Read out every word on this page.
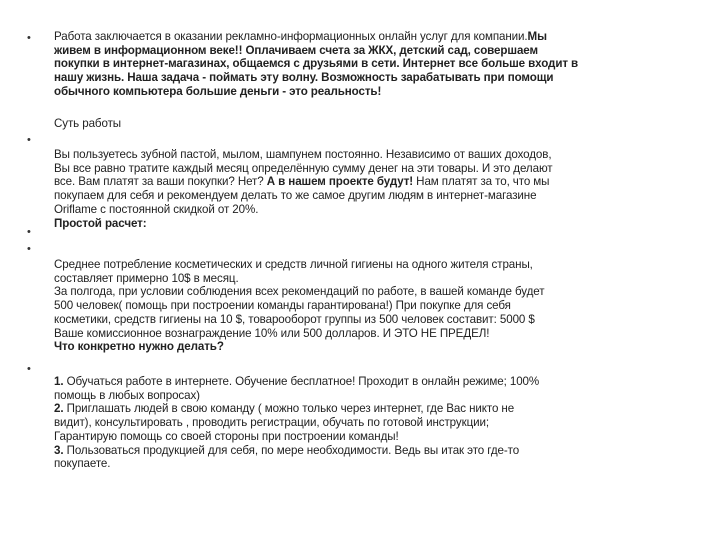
•
•
•
•
•
Работа заключается в оказании рекламно-информационных онлайн услуг для компании.Мы
живем в информационном веке!! Оплачиваем счета за ЖКХ, детский сад, совершаем
покупки в интернет-магазинах, общаемся с друзьями в сети. Интернет все больше входит в
нашу жизнь. Наша задача - поймать эту волну. Возможность зарабатывать при помощи
обычного компьютера большие деньги - это реальность!
Суть работы
Вы пользуетесь зубной пастой, мылом, шампунем постоянно. Независимо от ваших доходов,
Вы все равно тратите каждый месяц определённую сумму денег на эти товары. И это делают
все. Вам платят за ваши покупки? Нет? А в нашем проекте будут! Нам платят за то, что мы
покупаем для себя и рекомендуем делать то же самое другим людям в интернет-магазине
Oriflame с постоянной скидкой от 20%.
Простой расчет:
Среднее потребление косметических и средств личной гигиены на одного жителя страны,
составляет примерно 10$ в месяц.
За полгода, при условии соблюдения всех рекомендаций по работе, в вашей команде будет
500 человек( помощь при построении команды гарантирована!) При покупке для себя
косметики, средств гигиены на 10 $, товарооборот группы из 500 человек составит: 5000 $
Ваше комиссионное вознаграждение 10% или 500 долларов. И ЭТО НЕ ПРЕДЕЛ!
Что конкретно нужно делать?
1. Обучаться работе в интернете. Обучение бесплатное! Проходит в онлайн режиме; 100%
помощь в любых вопросах)
2. Приглашать людей в свою команду ( можно только через интернет, где Вас никто не
видит), консультировать , проводить регистрации, обучать по готовой инструкции;
Гарантирую помощь со своей стороны при построении команды!
3. Пользоваться продукцией для себя, по мере необходимости. Ведь вы итак это где-то
покупаете.
